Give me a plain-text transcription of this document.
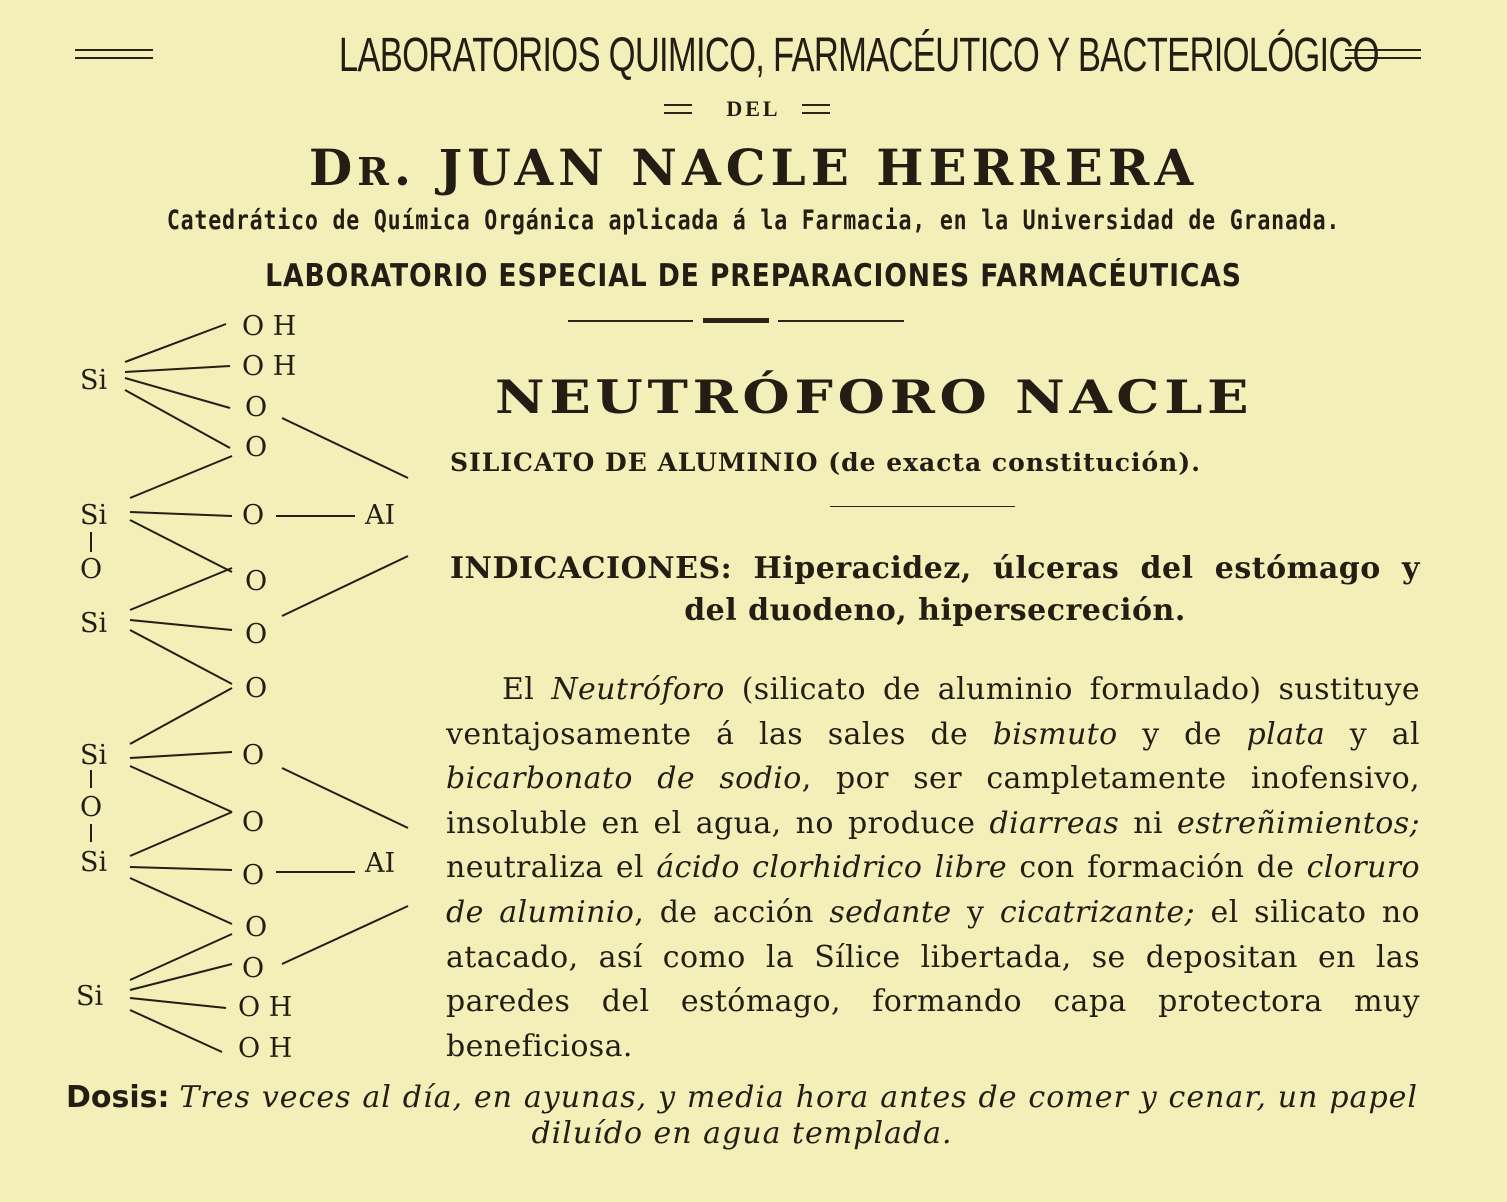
LABORATORIOS QUIMICO, FARMACÉUTICO Y BACTERIOLÓGICO
DEL
DR. JUAN NACLE HERRERA
Catedrático de Química Orgánica aplicada á la Farmacia, en la Universidad de Granada.
LABORATORIO ESPECIAL DE PREPARACIONES FARMACÉUTICAS
Si
O H
O H
O
O
Si	O	AI
O
Si
O
O
O
Si	O
O	O
Si	O	AI
O
O
Si	O H
O H
NEUTRÓFORO NACLE
SILICATO DE ALUMINIO (de exacta constitución).
INDICACIONES: Hiperacidez, úlceras del estómago y del duodeno, hipersecreción.

El Neutróforo (silicato de aluminio formulado) sustituye ventajosamente á las sales de bismuto y de plata y al bicarbonato de sodio, por ser campletamente inofensivo, insoluble en el agua, no produce diarreas ni estreñimientos; neutraliza el ácido clorhidrico libre con formación de cloruro de aluminio, de acción sedante y cicatrizante; el silicato no atacado, así como la Sílice libertada, se depositan en las paredes del estómago, formando capa protectora muy beneficiosa.

Dosis: Tres veces al día, en ayunas, y media hora antes de comer y cenar, un papel diluído en agua templada.
